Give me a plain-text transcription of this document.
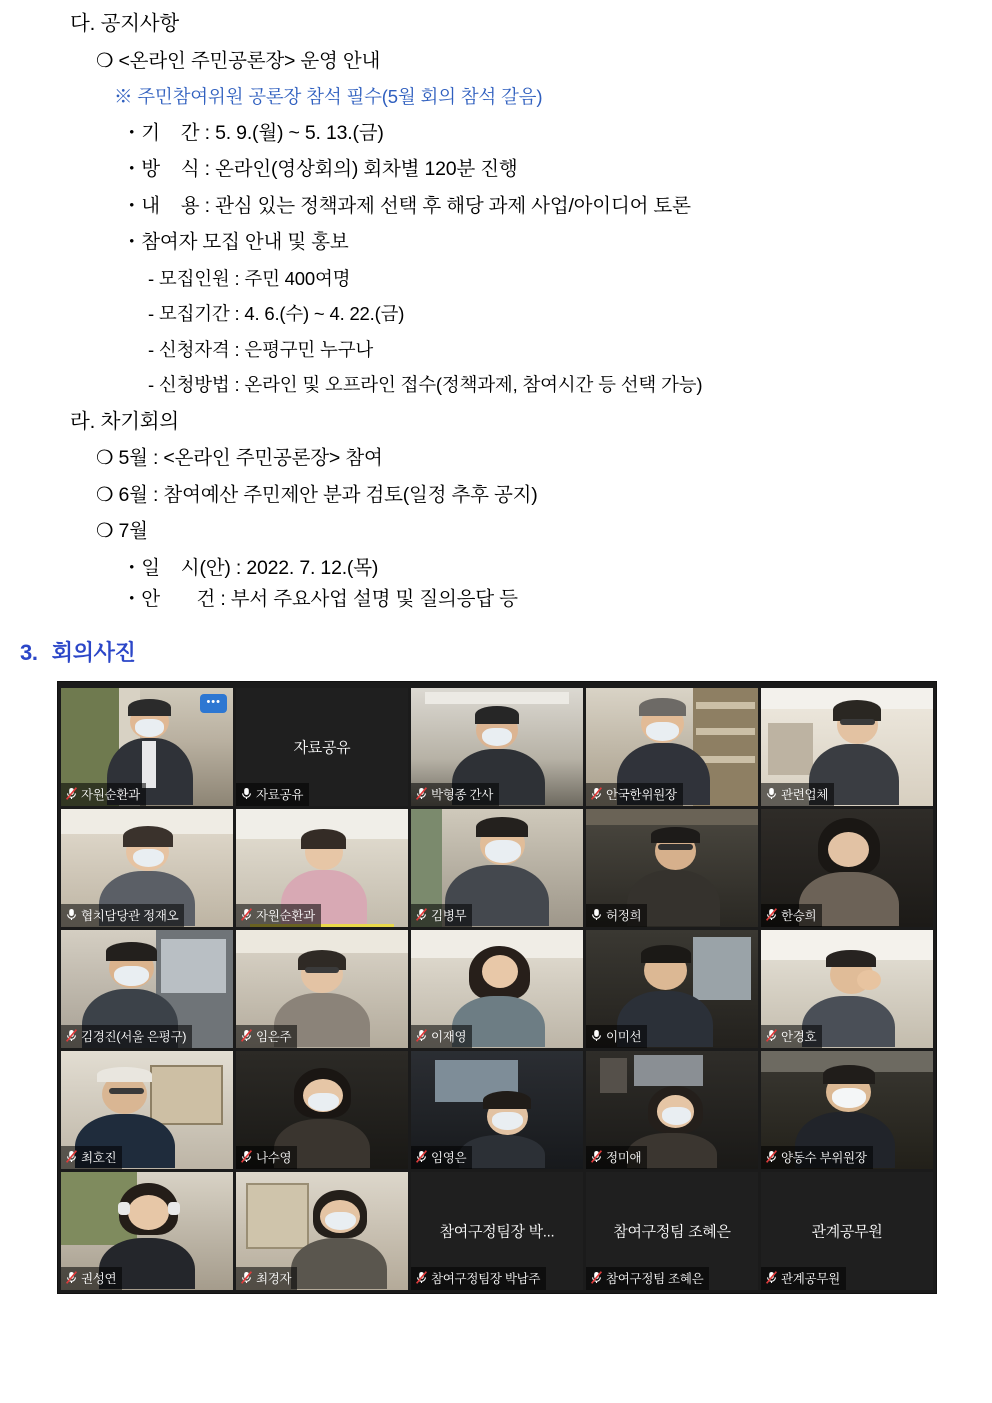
다. 공지사항
❍ <온라인 주민공론장> 운영 안내
※ 주민참여위원 공론장 참석 필수(5월 회의 참석 갈음)
・기    간 : 5. 9.(월) ~ 5. 13.(금)
・방    식 : 온라인(영상회의) 회차별 120분 진행
・내    용 : 관심 있는 정책과제 선택 후 해당 과제 사업/아이디어 토론
・참여자 모집 안내 및 홍보
- 모집인원 : 주민 400여명
- 모집기간 : 4. 6.(수) ~ 4. 22.(금)
- 신청자격 : 은평구민 누구나
- 신청방법 : 온라인 및 오프라인 접수(정책과제, 참여시간 등 선택 가능)
라. 차기회의
❍ 5월 : <온라인 주민공론장> 참여
❍ 6월 : 참여예산 주민제안 분과 검토(일정 추후 공지)
❍ 7월
・일    시(안) : 2022. 7. 12.(목)
・안       건 : 부서 주요사업 설명 및 질의응답 등
3. 회의사진
•••
자원순환과
자료공유
자료공유	박형종 간사	안국한위원장	관련업체
협치담당관 정재오	자원순환과	김병무	허정희	한승희
김경진(서울 은평구)	임은주	이재영	이미선	안경호
최호진	나수영	임영은	정미애	양동수 부위원장
권성연	최경자
참여구정팀장 박...
참여구정팀장 박남주
참여구정팀 조혜은
참여구정팀 조혜은
관계공무원
관계공무원
